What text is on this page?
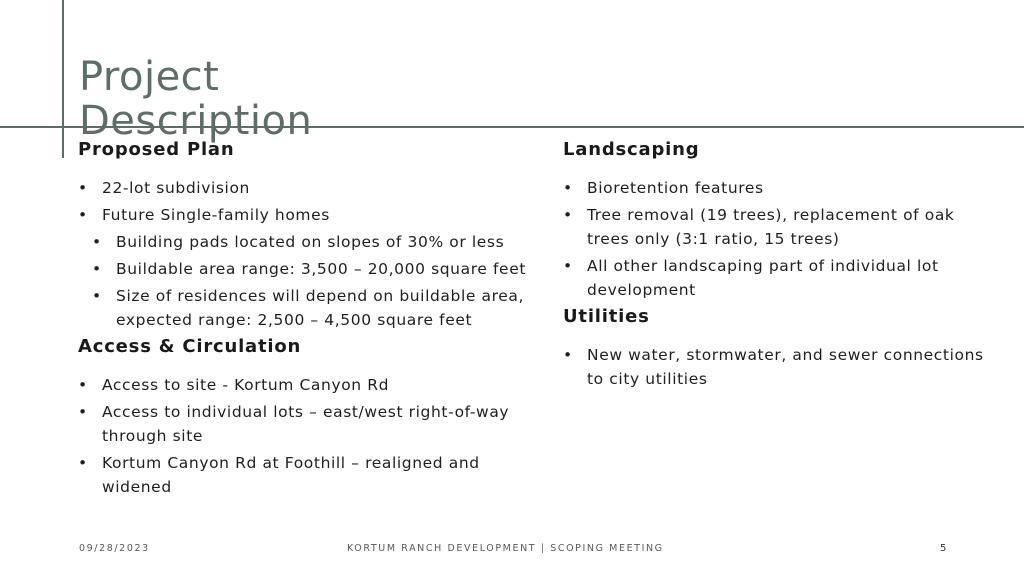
Project
Description
Proposed Plan
• 22-lot subdivision
• Future Single-family homes
• Building pads located on slopes of 30% or less
• Buildable area range: 3,500 – 20,000 square feet
• Size of residences will depend on buildable area, expected range: 2,500 – 4,500 square feet
Access & Circulation
• Access to site - Kortum Canyon Rd
• Access to individual lots – east/west right-of-way through site
• Kortum Canyon Rd at Foothill – realigned and widened
Landscaping
• Bioretention features
• Tree removal (19 trees), replacement of oak trees only (3:1 ratio, 15 trees)
• All other landscaping part of individual lot development
Utilities
• New water, stormwater, and sewer connections to city utilities
09/28/2023	KORTUM RANCH DEVELOPMENT | SCOPING MEETING	5
